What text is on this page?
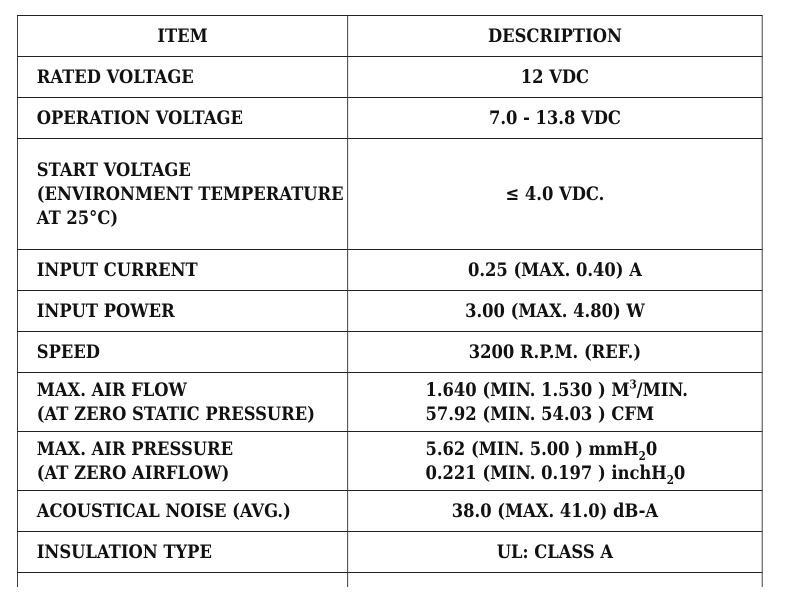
ITEM	DESCRIPTION
RATED VOLTAGE	12 VDC
OPERATION VOLTAGE	7.0 - 13.8 VDC

START VOLTAGE
(ENVIRONMENT TEMPERATURE
AT 25°C)	≤ 4.0 VDC.
INPUT CURRENT	0.25 (MAX. 0.40) A
INPUT POWER	3.00 (MAX. 4.80) W
SPEED	3200 R.P.M. (REF.)

MAX. AIR FLOW
(AT ZERO STATIC PRESSURE)	1.640 (MIN. 1.530 ) $M^3$/MIN.
57.92 (MIN. 54.03 ) CFM

MAX. AIR PRESSURE
(AT ZERO AIRFLOW)	5.62 (MIN. 5.00 ) mmH$_2$0
0.221 (MIN. 0.197 ) inchH$_2$0

ACOUSTICAL NOISE (AVG.)	38.0 (MAX. 41.0) dB-A
INSULATION TYPE	UL: CLASS A
